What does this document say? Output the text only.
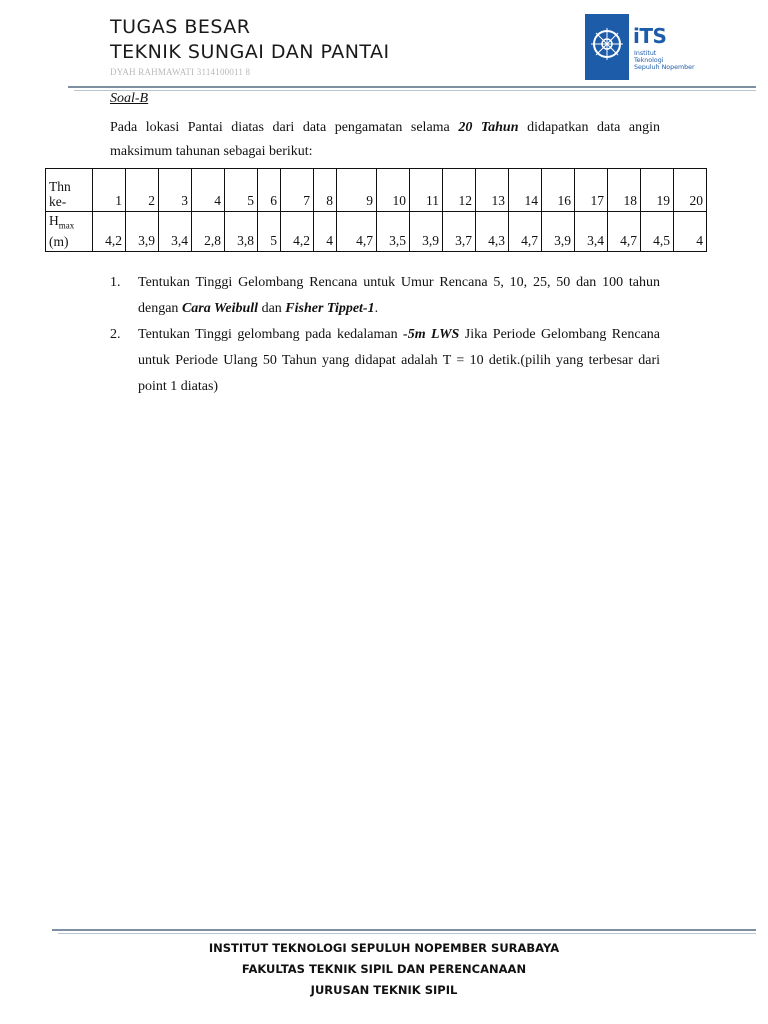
TUGAS BESAR
TEKNIK SUNGAI DAN PANTAI
DYAH RAHMAWATI 3114100011 8
iTS
Institut
Teknologi
Sepuluh Nopember
Soal-B
Pada lokasi Pantai diatas dari data pengamatan selama 20 Tahun didapatkan data angin maksimum tahunan sebagai berikut:
Thn
ke-	1	2	3	4	5	6	7	8	9	10	11	12	13	14	16	17	18	19	20

$H_{max}$
(m)	4,2	3,9	3,4	2,8	3,8	5	4,2	4	4,7	3,5	3,9	3,7	4,3	4,7	3,9	3,4	4,7	4,5	4
1. Tentukan Tinggi Gelombang Rencana untuk Umur Rencana 5, 10, 25, 50 dan 100 tahun dengan Cara Weibull dan Fisher Tippet-1.
2. Tentukan Tinggi gelombang pada kedalaman -5m LWS Jika Periode Gelombang Rencana untuk Periode Ulang 50 Tahun yang didapat adalah T = 10 detik.(pilih yang terbesar dari point 1 diatas)
INSTITUT TEKNOLOGI SEPULUH NOPEMBER SURABAYA
FAKULTAS TEKNIK SIPIL DAN PERENCANAAN
JURUSAN TEKNIK SIPIL
